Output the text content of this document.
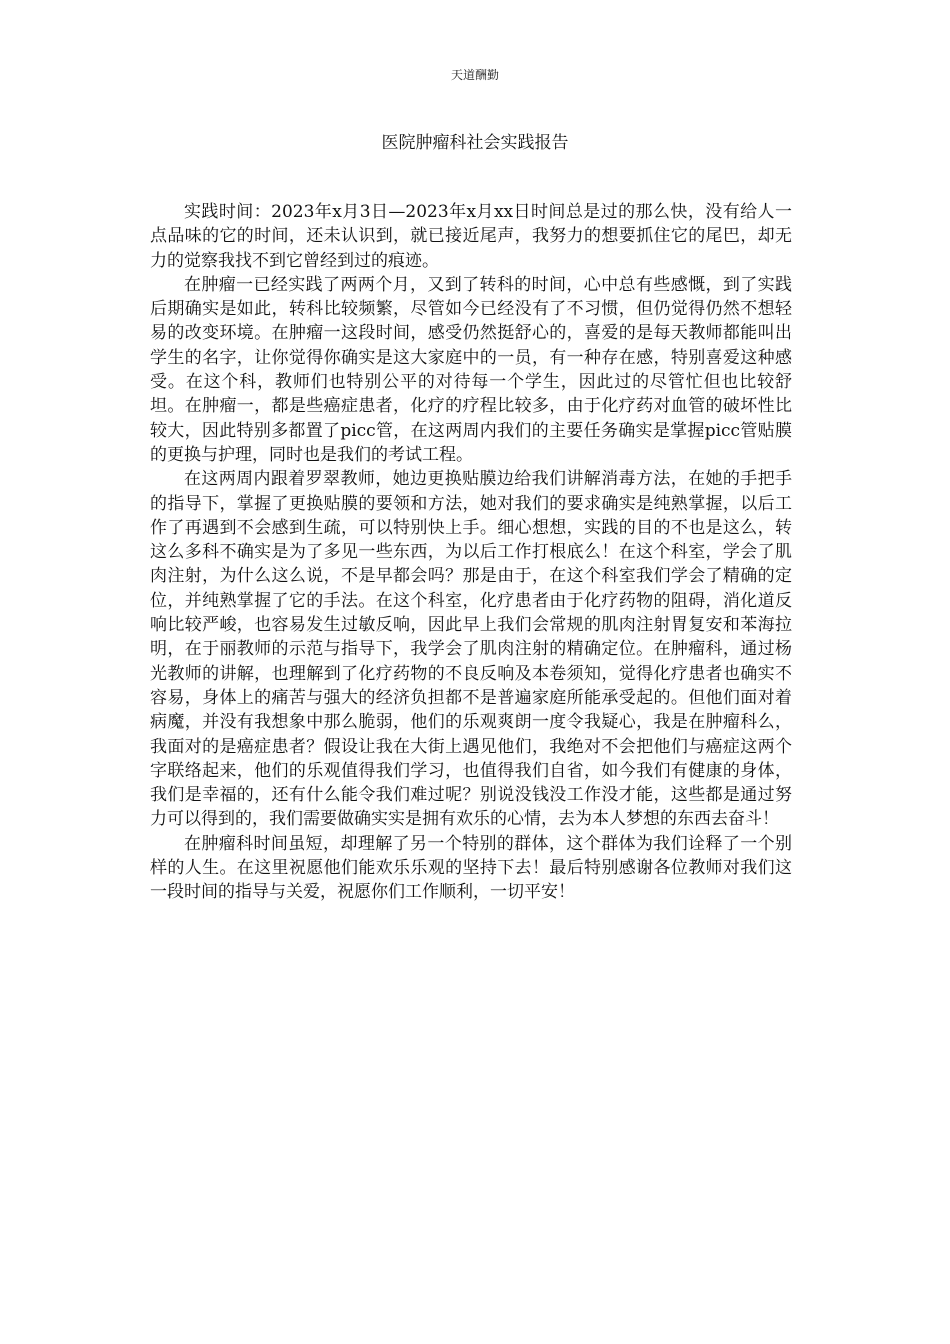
天道酬勤
医院肿瘤科社会实践报告

实践时间：2023年x月3日—2023年x月xx日时间总是过的那么快，没有给人一点品味的它的时间，还未认识到，就已接近尾声，我努力的想要抓住它的尾巴，却无力的觉察我找不到它曾经到过的痕迹。

在肿瘤一已经实践了两两个月，又到了转科的时间，心中总有些感慨，到了实践后期确实是如此，转科比较频繁，尽管如今已经没有了不习惯，但仍觉得仍然不想轻易的改变环境。在肿瘤一这段时间，感受仍然挺舒心的，喜爱的是每天教师都能叫出学生的名字，让你觉得你确实是这大家庭中的一员，有一种存在感，特别喜爱这种感受。在这个科，教师们也特别公平的对待每一个学生，因此过的尽管忙但也比较舒坦。在肿瘤一，都是些癌症患者，化疗的疗程比较多，由于化疗药对血管的破坏性比较大，因此特别多都置了picc管，在这两周内我们的主要任务确实是掌握picc管贴膜的更换与护理，同时也是我们的考试工程。

在这两周内跟着罗翠教师，她边更换贴膜边给我们讲解消毒方法，在她的手把手的指导下，掌握了更换贴膜的要领和方法，她对我们的要求确实是纯熟掌握，以后工作了再遇到不会感到生疏，可以特别快上手。细心想想，实践的目的不也是这么，转这么多科不确实是为了多见一些东西，为以后工作打根底么！在这个科室，学会了肌肉注射，为什么这么说，不是早都会吗？那是由于，在这个科室我们学会了精确的定位，并纯熟掌握了它的手法。在这个科室，化疗患者由于化疗药物的阻碍，消化道反响比较严峻，也容易发生过敏反响，因此早上我们会常规的肌肉注射胃复安和苯海拉明，在于丽教师的示范与指导下，我学会了肌肉注射的精确定位。在肿瘤科，通过杨光教师的讲解，也理解到了化疗药物的不良反响及本卷须知，觉得化疗患者也确实不容易，身体上的痛苦与强大的经济负担都不是普遍家庭所能承受起的。但他们面对着病魔，并没有我想象中那么脆弱，他们的乐观爽朗一度令我疑心，我是在肿瘤科么，我面对的是癌症患者？假设让我在大街上遇见他们，我绝对不会把他们与癌症这两个字联络起来，他们的乐观值得我们学习，也值得我们自省，如今我们有健康的身体，我们是幸福的，还有什么能令我们难过呢？别说没钱没工作没才能，这些都是通过努力可以得到的，我们需要做确实实是拥有欢乐的心情，去为本人梦想的东西去奋斗！

在肿瘤科时间虽短，却理解了另一个特别的群体，这个群体为我们诠释了一个别样的人生。在这里祝愿他们能欢乐乐观的坚持下去！最后特别感谢各位教师对我们这一段时间的指导与关爱，祝愿你们工作顺利，一切平安！
